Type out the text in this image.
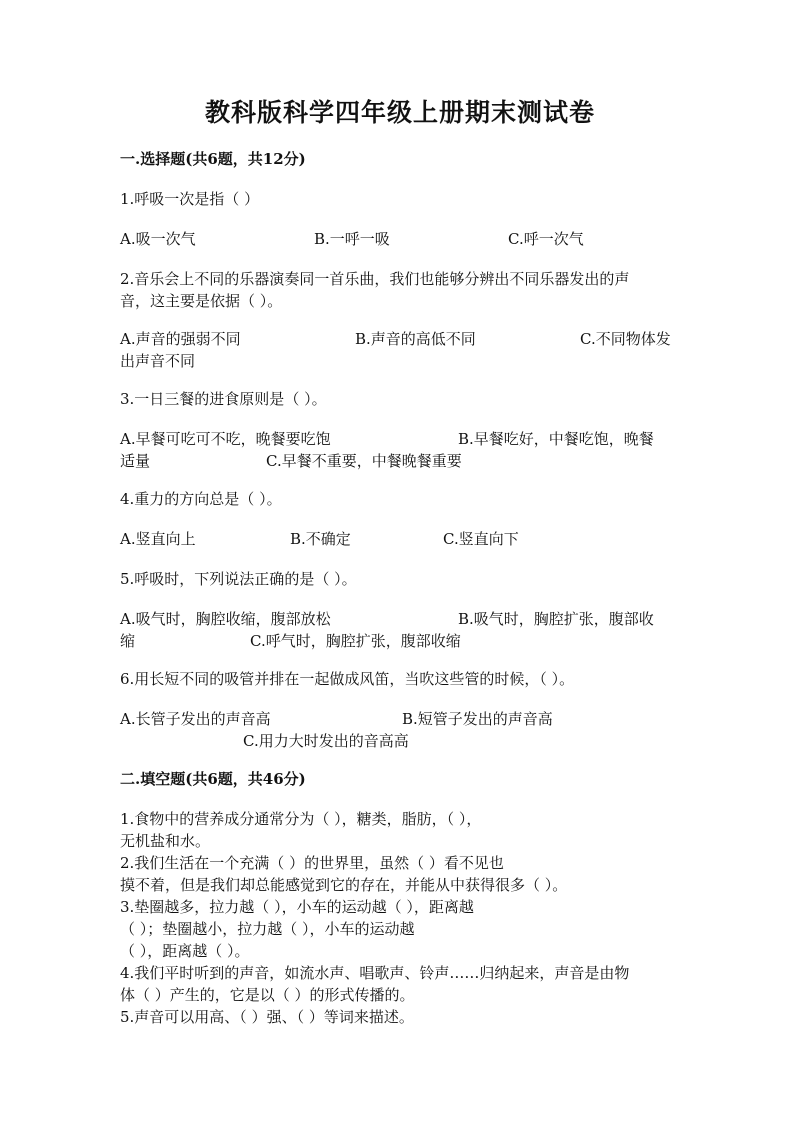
教科版科学四年级上册期末测试卷
一.选择题(共6题，共12分)
1.呼吸一次是指（ ）
A.吸一次气	B.一呼一吸	C.呼一次气
2.音乐会上不同的乐器演奏同一首乐曲，我们也能够分辨出不同乐器发出的声
音，这主要是依据（ ）。
A.声音的强弱不同	B.声音的高低不同	C.不同物体发
出声音不同
3.一日三餐的进食原则是（ ）。
A.早餐可吃可不吃，晚餐要吃饱	B.早餐吃好，中餐吃饱，晚餐
适量	C.早餐不重要，中餐晚餐重要
4.重力的方向总是（ ）。
A.竖直向上	B.不确定	C.竖直向下
5.呼吸时，下列说法正确的是（ ）。
A.吸气时，胸腔收缩，腹部放松	B.吸气时，胸腔扩张，腹部收
缩	C.呼气时，胸腔扩张，腹部收缩
6.用长短不同的吸管并排在一起做成风笛，当吹这些管的时候，（ ）。
A.长管子发出的声音高	B.短管子发出的声音高
C.用力大时发出的音高高
二.填空题(共6题，共46分)
1.食物中的营养成分通常分为（ ），糖类，脂肪，（ ），
无机盐和水。
2.我们生活在一个充满（ ）的世界里，虽然（ ）看不见也
摸不着，但是我们却总能感觉到它的存在，并能从中获得很多（ ）。
3.垫圈越多，拉力越（ ），小车的运动越（ ），距离越
（ ）；垫圈越小，拉力越（ ），小车的运动越
（ ），距离越（ ）。
4.我们平时听到的声音，如流水声、唱歌声、铃声……归纳起来，声音是由物
体（ ）产生的，它是以（ ）的形式传播的。
5.声音可以用高、（ ）强、（ ）等词来描述。
